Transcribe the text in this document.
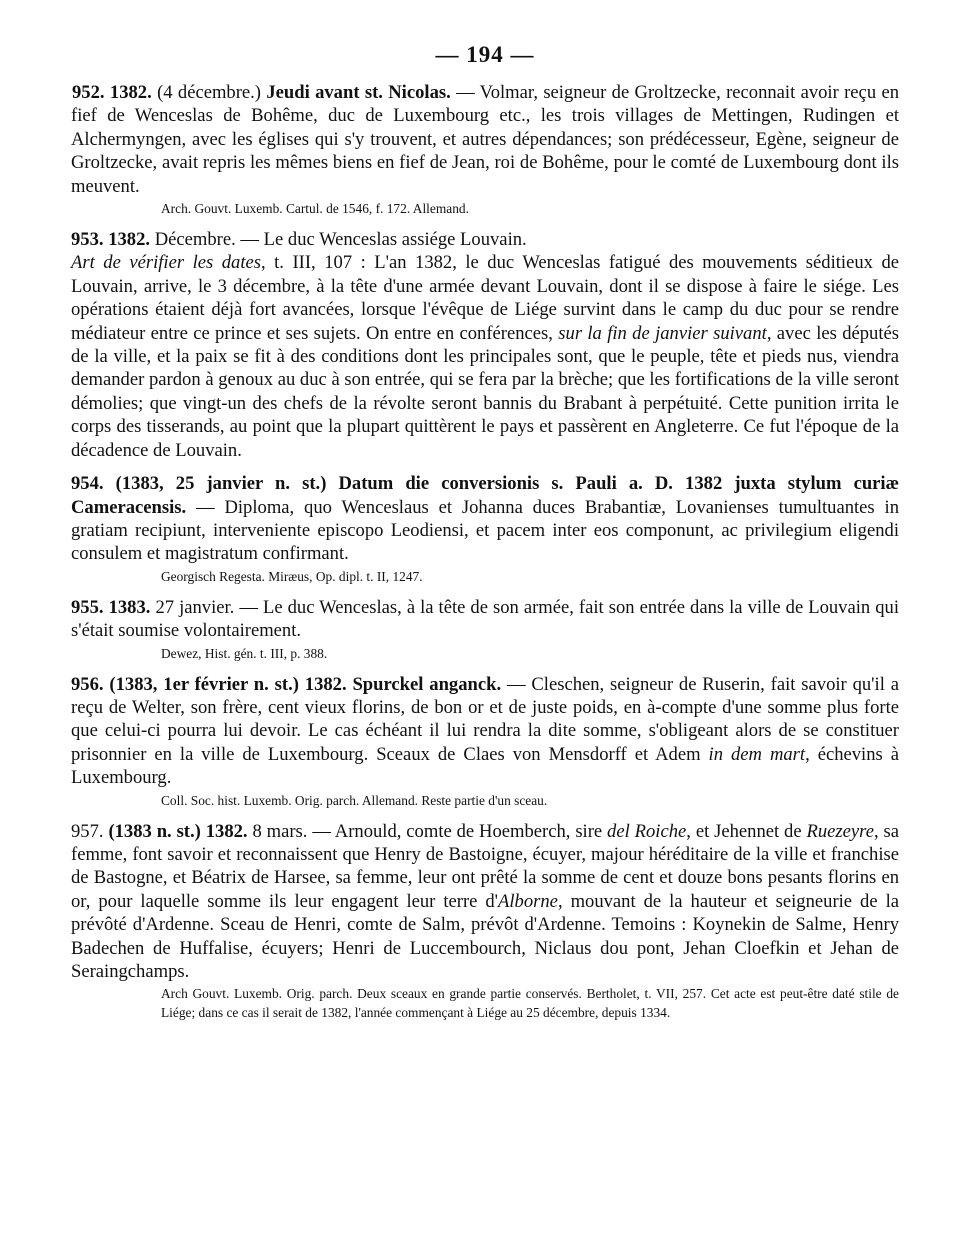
— 194 —

952. 1382. (4 décembre.) Jeudi avant st. Nicolas. — Volmar, seigneur de Groltzecke, reconnait avoir reçu en fief de Wenceslas de Bohême, duc de Luxembourg etc., les trois villages de Mettingen, Rudingen et Alchermyngen, avec les églises qui s'y trouvent, et autres dépendances; son prédécesseur, Egène, seigneur de Groltzecke, avait repris les mêmes biens en fief de Jean, roi de Bohême, pour le comté de Luxembourg dont ils meuvent.

Arch. Gouvt. Luxemb. Cartul. de 1546, f. 172. Allemand.

953. 1382. Décembre. — Le duc Wenceslas assiége Louvain.

Art de vérifier les dates, t. III, 107 : L'an 1382, le duc Wenceslas fatigué des mouvements séditieux de Louvain, arrive, le 3 décembre, à la tête d'une armée devant Louvain, dont il se dispose à faire le siége. Les opérations étaient déjà fort avancées, lorsque l'évêque de Liége survint dans le camp du duc pour se rendre médiateur entre ce prince et ses sujets. On entre en conférences, sur la fin de janvier suivant, avec les députés de la ville, et la paix se fit à des conditions dont les principales sont, que le peuple, tête et pieds nus, viendra demander pardon à genoux au duc à son entrée, qui se fera par la brèche; que les fortifications de la ville seront démolies; que vingt-un des chefs de la révolte seront bannis du Brabant à perpétuité. Cette punition irrita le corps des tisserands, au point que la plupart quittèrent le pays et passèrent en Angleterre. Ce fut l'époque de la décadence de Louvain.

954. (1383, 25 janvier n. st.) Datum die conversionis s. Pauli a. D. 1382 juxta stylum curiæ Cameracensis. — Diploma, quo Wenceslaus et Johanna duces Brabantiæ, Lovanienses tumultuantes in gratiam recipiunt, interveniente episcopo Leodiensi, et pacem inter eos componunt, ac privilegium eligendi consulem et magistratum confirmant.

Georgisch Regesta. Miræus, Op. dipl. t. II, 1247.

955. 1383. 27 janvier. — Le duc Wenceslas, à la tête de son armée, fait son entrée dans la ville de Louvain qui s'était soumise volontairement.

Dewez, Hist. gén. t. III, p. 388.

956. (1383, 1er février n. st.) 1382. Spurckel anganck. — Cleschen, seigneur de Ruserin, fait savoir qu'il a reçu de Welter, son frère, cent vieux florins, de bon or et de juste poids, en à-compte d'une somme plus forte que celui-ci pourra lui devoir. Le cas échéant il lui rendra la dite somme, s'obligeant alors de se constituer prisonnier en la ville de Luxembourg. Sceaux de Claes von Mensdorff et Adem in dem mart, échevins à Luxembourg.

Coll. Soc. hist. Luxemb. Orig. parch. Allemand. Reste partie d'un sceau.

957. (1383 n. st.) 1382. 8 mars. — Arnould, comte de Hoemberch, sire del Roiche, et Jehennet de Ruezeyre, sa femme, font savoir et reconnaissent que Henry de Bastoigne, écuyer, majour héréditaire de la ville et franchise de Bastogne, et Béatrix de Harsee, sa femme, leur ont prêté la somme de cent et douze bons pesants florins en or, pour laquelle somme ils leur engagent leur terre d'Alborne, mouvant de la hauteur et seigneurie de la prévôté d'Ardenne. Sceau de Henri, comte de Salm, prévôt d'Ardenne. Temoins : Koynekin de Salme, Henry Badechen de Huffalise, écuyers; Henri de Luccembourch, Niclaus dou pont, Jehan Cloefkin et Jehan de Seraingchamps.

Arch Gouvt. Luxemb. Orig. parch. Deux sceaux en grande partie conservés. Bertholet, t. VII, 257. Cet acte est peut-être daté stile de Liége; dans ce cas il serait de 1382, l'année commençant à Liége au 25 décembre, depuis 1334.
